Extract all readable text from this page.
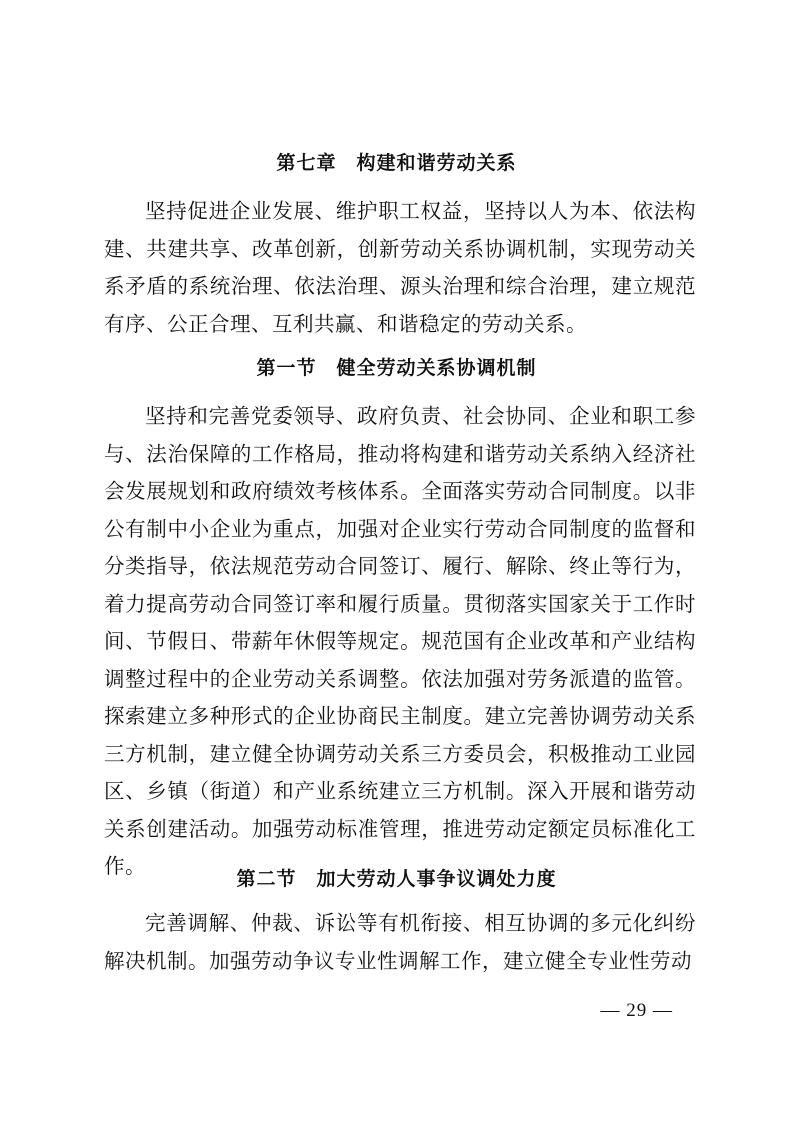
第七章　构建和谐劳动关系

坚持促进企业发展、维护职工权益，坚持以人为本、依法构建、共建共享、改革创新，创新劳动关系协调机制，实现劳动关系矛盾的系统治理、依法治理、源头治理和综合治理，建立规范有序、公正合理、互利共赢、和谐稳定的劳动关系。

第一节　健全劳动关系协调机制

坚持和完善党委领导、政府负责、社会协同、企业和职工参与、法治保障的工作格局，推动将构建和谐劳动关系纳入经济社会发展规划和政府绩效考核体系。全面落实劳动合同制度。以非公有制中小企业为重点，加强对企业实行劳动合同制度的监督和分类指导，依法规范劳动合同签订、履行、解除、终止等行为，着力提高劳动合同签订率和履行质量。贯彻落实国家关于工作时间、节假日、带薪年休假等规定。规范国有企业改革和产业结构调整过程中的企业劳动关系调整。依法加强对劳务派遣的监管。探索建立多种形式的企业协商民主制度。建立完善协调劳动关系三方机制，建立健全协调劳动关系三方委员会，积极推动工业园区、乡镇（街道）和产业系统建立三方机制。深入开展和谐劳动关系创建活动。加强劳动标准管理，推进劳动定额定员标准化工作。

第二节　加大劳动人事争议调处力度

完善调解、仲裁、诉讼等有机衔接、相互协调的多元化纠纷解决机制。加强劳动争议专业性调解工作，建立健全专业性劳动

— 29 —
